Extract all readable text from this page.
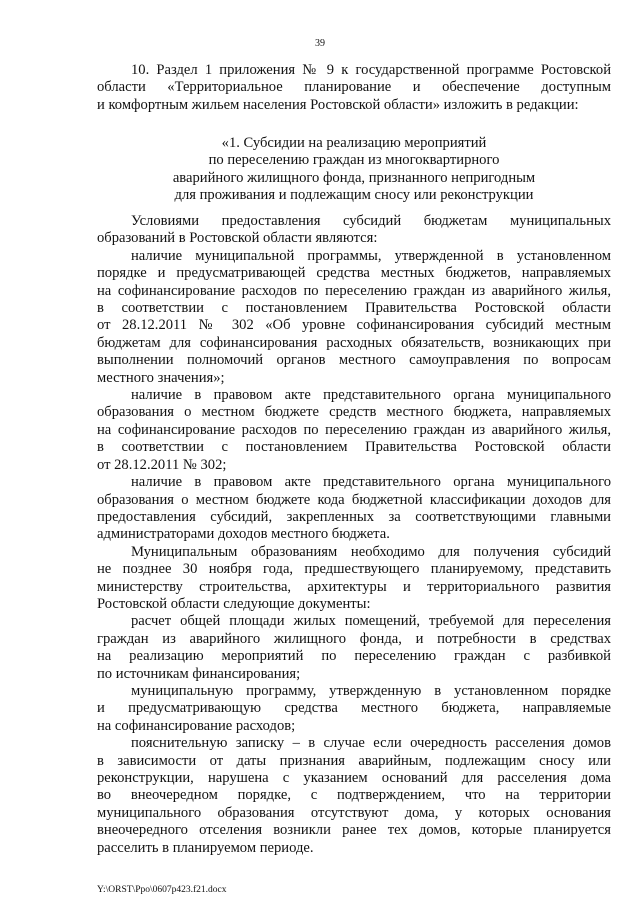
39

10. Раздел 1 приложения № 9 к государственной программе Ростовской

области «Территориальное планирование и обеспечение доступным

и комфортным жильем населения Ростовской области» изложить в редакции:

«1. Субсидии на реализацию мероприятий

по переселению граждан из многоквартирного

аварийного жилищного фонда, признанного непригодным

для проживания и подлежащим сносу или реконструкции

Условиями предоставления субсидий бюджетам муниципальных

образований в Ростовской области являются:

наличие муниципальной программы, утвержденной в установленном

порядке и предусматривающей средства местных бюджетов, направляемых

на софинансирование расходов по переселению граждан из аварийного жилья,

в соответствии с постановлением Правительства Ростовской области

от 28.12.2011 № 302 «Об уровне софинансирования субсидий местным

бюджетам для софинансирования расходных обязательств, возникающих при

выполнении полномочий органов местного самоуправления по вопросам

местного значения»;

наличие в правовом акте представительного органа муниципального

образования о местном бюджете средств местного бюджета, направляемых

на софинансирование расходов по переселению граждан из аварийного жилья,

в соответствии с постановлением Правительства Ростовской области

от 28.12.2011 № 302;

наличие в правовом акте представительного органа муниципального

образования о местном бюджете кода бюджетной классификации доходов для

предоставления субсидий, закрепленных за соответствующими главными

администраторами доходов местного бюджета.

Муниципальным образованиям необходимо для получения субсидий

не позднее 30 ноября года, предшествующего планируемому, представить

министерству строительства, архитектуры и территориального развития

Ростовской области следующие документы:

расчет общей площади жилых помещений, требуемой для переселения

граждан из аварийного жилищного фонда, и потребности в средствах

на реализацию мероприятий по переселению граждан с разбивкой

по источникам финансирования;

муниципальную программу, утвержденную в установленном порядке

и предусматривающую средства местного бюджета, направляемые

на софинансирование расходов;

пояснительную записку – в случае если очередность расселения домов

в зависимости от даты признания аварийным, подлежащим сносу или

реконструкции, нарушена с указанием оснований для расселения дома

во внеочередном порядке, с подтверждением, что на территории

муниципального образования отсутствуют дома, у которых основания

внеочередного отселения возникли ранее тех домов, которые планируется

расселить в планируемом периоде.

Y:\ORST\Ppo\0607p423.f21.docx
